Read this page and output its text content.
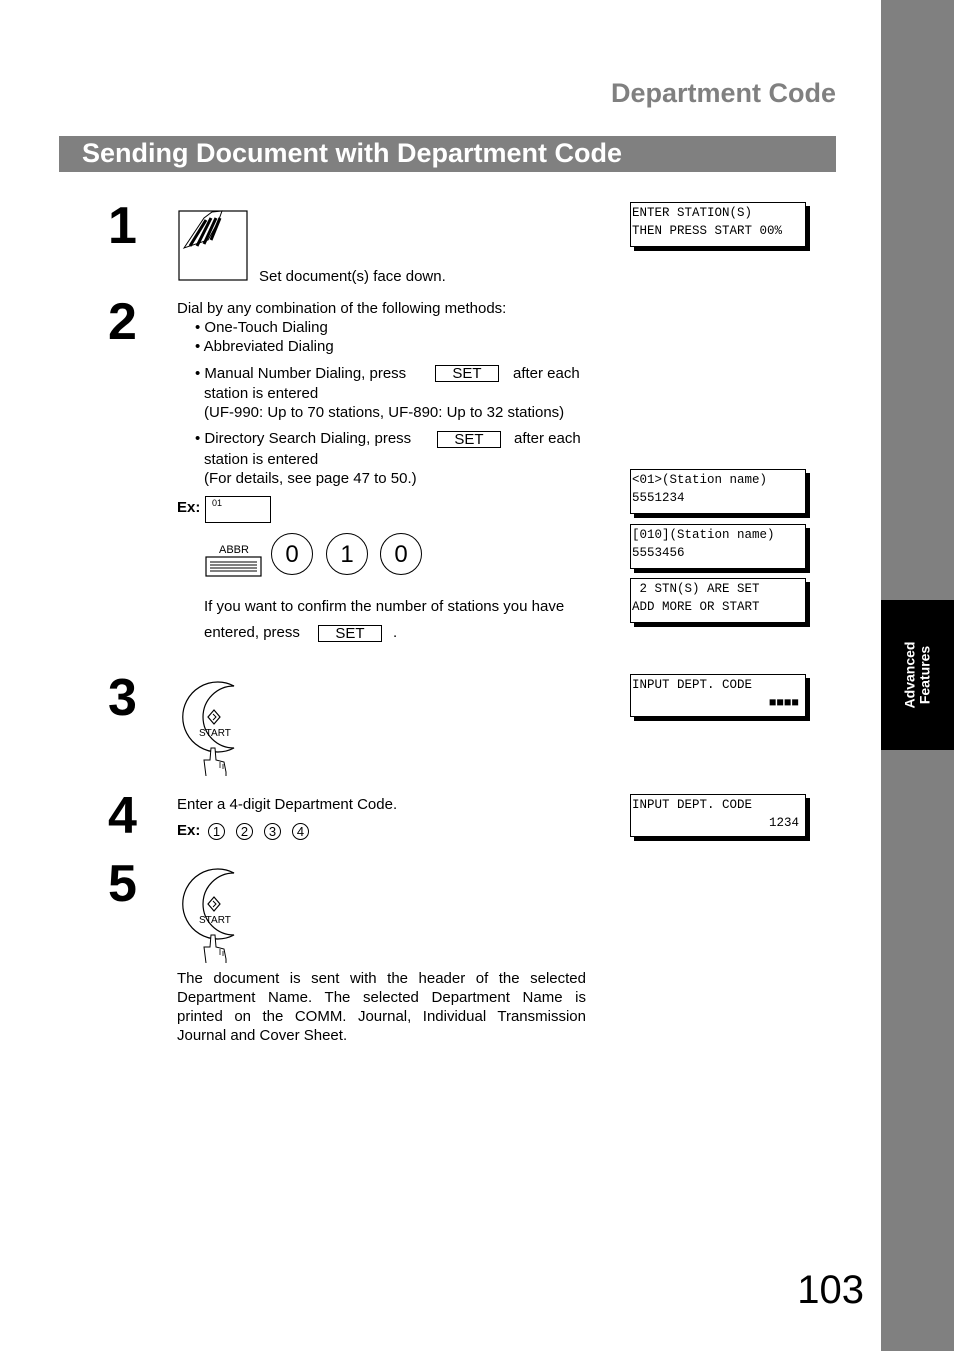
Advanced
Features
Department Code
Sending Document with Department Code
1
Set document(s) face down.
ENTER STATION(S)
THEN PRESS START 00%
2	Dial by any combination of the following methods:
• One-Touch Dialing
• Abbreviated Dialing
• Manual Number Dialing, press	SET	after each
station is entered
(UF-990: Up to 70 stations, UF-890: Up to 32 stations)
• Directory Search Dialing, press	SET	after each
station is entered
(For details, see page 47 to 50.)
Ex: 01
ABBR	0	1	0
If you want to confirm the number of stations you have
entered, press	SET	.
<01>(Station name)
5551234
[010](Station name)
5553456
2 STN(S) ARE SET
ADD MORE OR START
3
START
INPUT DEPT. CODE
■■■■
4	Enter a 4-digit Department Code.
Ex: 1	2	3	4
INPUT DEPT. CODE
1234
5
START
The document is sent with the header of the selected
Department Name. The selected Department Name is
printed on the COMM. Journal, Individual Transmission
Journal and Cover Sheet.
103
